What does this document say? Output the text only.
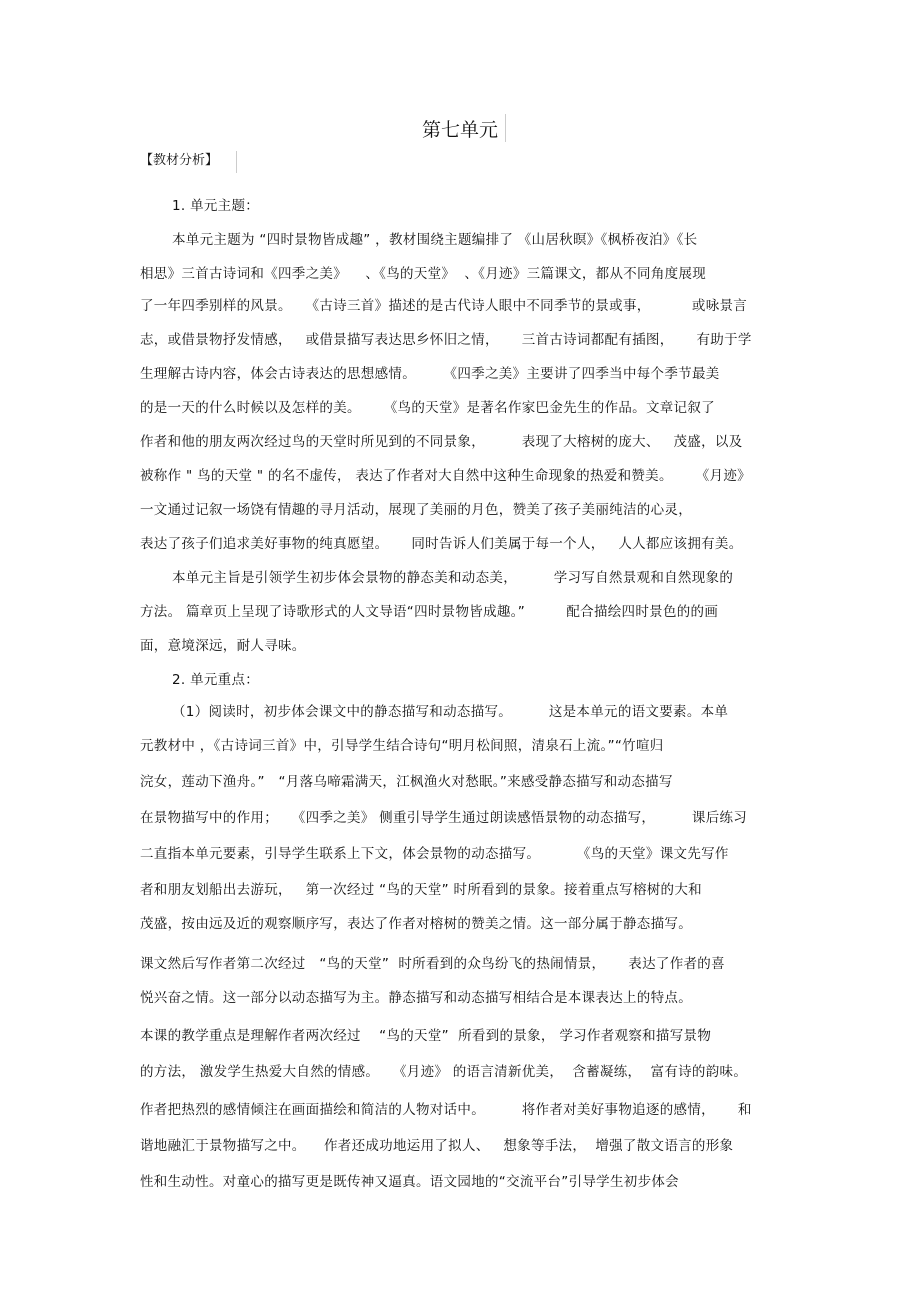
第七单元
【教材分析】
1. 单元主题：
本单元主题为 “四时景物皆成趣” ，教材围绕主题编排了 《山居秋暝》《枫桥夜泊》《长
相思》三首古诗词和《四季之美》    、《鸟的天堂》  、《月迹》三篇课文，都从不同角度展现
了一年四季别样的风景。   《古诗三首》描述的是古代诗人眼中不同季节的景或事，         或咏景言
志，或借景物抒发情感，   或借景描写表达思乡怀旧之情，     三首古诗词都配有插图，     有助于学
生理解古诗内容，体会古诗表达的思想感情。      《四季之美》主要讲了四季当中每个季节最美
的是一天的什么时候以及怎样的美。     《鸟的天堂》是著名作家巴金先生的作品。文章记叙了
作者和他的朋友两次经过鸟的天堂时所见到的不同景象，        表现了大榕树的庞大、   茂盛，以及
被称作 " 鸟的天堂 " 的名不虚传， 表达了作者对大自然中这种生命现象的热爱和赞美。     《月迹》
一文通过记叙一场饶有情趣的寻月活动，展现了美丽的月色，赞美了孩子美丽纯洁的心灵，
表达了孩子们追求美好事物的纯真愿望。     同时告诉人们美属于每一个人，   人人都应该拥有美。
本单元主旨是引领学生初步体会景物的静态美和动态美，        学习写自然景观和自然现象的
方法。 篇章页上呈现了诗歌形式的人文导语“四时景物皆成趣。”         配合描绘四时景色的的画
面，意境深远，耐人寻味。
2. 单元重点：
（1）阅读时，初步体会课文中的静态描写和动态描写。        这是本单元的语文要素。本单
元教材中 ，《古诗词三首》中，引导学生结合诗句“明月松间照，清泉石上流。”“竹喧归
浣女，莲动下渔舟。”   “月落乌啼霜满天，江枫渔火对愁眠。”来感受静态描写和动态描写
在景物描写中的作用；   《四季之美》 侧重引导学生通过朗读感悟景物的动态描写，        课后练习
二直指本单元要素，引导学生联系上下文，体会景物的动态描写。        《鸟的天堂》课文先写作
者和朋友划船出去游玩，   第一次经过 “鸟的天堂” 时所看到的景象。接着重点写榕树的大和
茂盛，按由远及近的观察顺序写，表达了作者对榕树的赞美之情。这一部分属于静态描写。
课文然后写作者第二次经过   “鸟的天堂”  时所看到的众鸟纷飞的热闹情景，     表达了作者的喜
悦兴奋之情。这一部分以动态描写为主。静态描写和动态描写相结合是本课表达上的特点。
本课的教学重点是理解作者两次经过    “鸟的天堂”  所看到的景象， 学习作者观察和描写景物
的方法， 激发学生热爱大自然的情感。   《月迹》 的语言清新优美，  含蓄凝练，  富有诗的韵味。
作者把热烈的感情倾注在画面描绘和简洁的人物对话中。        将作者对美好事物追逐的感情，     和
谐地融汇于景物描写之中。    作者还成功地运用了拟人、   想象等手法，  增强了散文语言的形象
性和生动性。对童心的描写更是既传神又逼真。语文园地的“交流平台”引导学生初步体会
